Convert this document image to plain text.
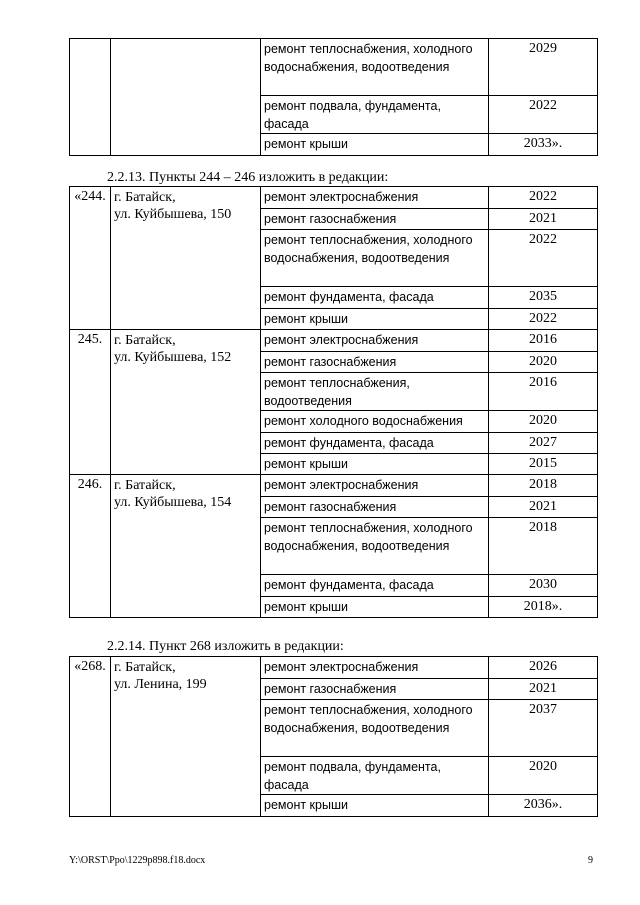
		ремонт теплоснабжения, холодного водоснабжения, водоотведения	2029
		ремонт подвала, фундамента, фасада	2022
		ремонт крыши	2033».
2.2.13. Пункты 244 – 246 изложить в редакции:
«244.	г. Батайск,
ул. Куйбышева, 150	ремонт электроснабжения	2022
		ремонт газоснабжения	2021
		ремонт теплоснабжения, холодного водоснабжения, водоотведения	2022
		ремонт фундамента, фасада	2035
		ремонт крыши	2022
245.	г. Батайск,
ул. Куйбышева, 152	ремонт электроснабжения	2016
		ремонт газоснабжения	2020
		ремонт теплоснабжения, водоотведения	2016
		ремонт холодного водоснабжения	2020
		ремонт фундамента, фасада	2027
		ремонт крыши	2015
246.	г. Батайск,
ул. Куйбышева, 154	ремонт электроснабжения	2018
		ремонт газоснабжения	2021
		ремонт теплоснабжения, холодного водоснабжения, водоотведения	2018
		ремонт фундамента, фасада	2030
		ремонт крыши	2018».
2.2.14. Пункт 268 изложить в редакции:
«268.	г. Батайск,
ул. Ленина, 199	ремонт электроснабжения	2026
		ремонт газоснабжения	2021
		ремонт теплоснабжения, холодного водоснабжения, водоотведения	2037
		ремонт подвала, фундамента, фасада	2020
		ремонт крыши	2036».
Y:\ORST\Ppo\1229p898.f18.docx	9
